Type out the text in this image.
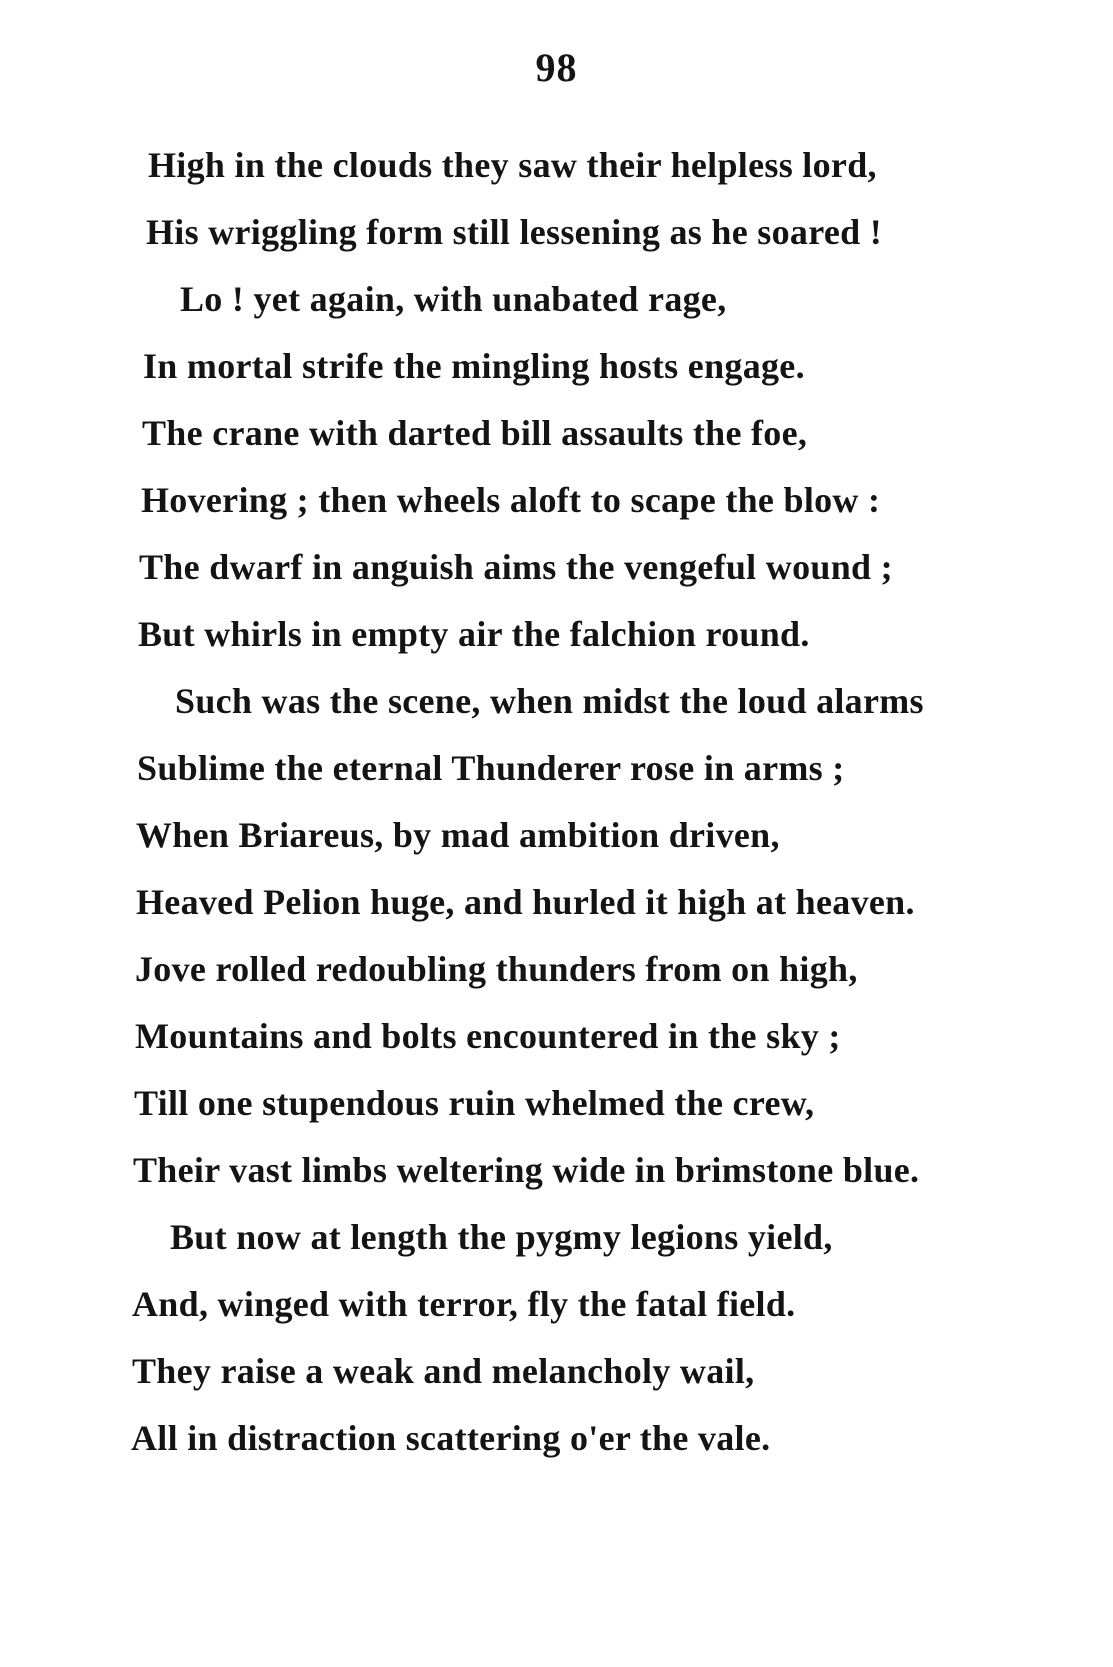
98
High in the clouds they saw their helpless lord,
His wriggling form still lessening as he soared !
Lo ! yet again, with unabated rage,
In mortal strife the mingling hosts engage.
The crane with darted bill assaults the foe,
Hovering ; then wheels aloft to scape the blow :
The dwarf in anguish aims the vengeful wound ;
But whirls in empty air the falchion round.
Such was the scene, when midst the loud alarms
Sublime the eternal Thunderer rose in arms ;
When Briareus, by mad ambition driven,
Heaved Pelion huge, and hurled it high at heaven.
Jove rolled redoubling thunders from on high,
Mountains and bolts encountered in the sky ;
Till one stupendous ruin whelmed the crew,
Their vast limbs weltering wide in brimstone blue.
But now at length the pygmy legions yield,
And, winged with terror, fly the fatal field.
They raise a weak and melancholy wail,
All in distraction scattering o'er the vale.
